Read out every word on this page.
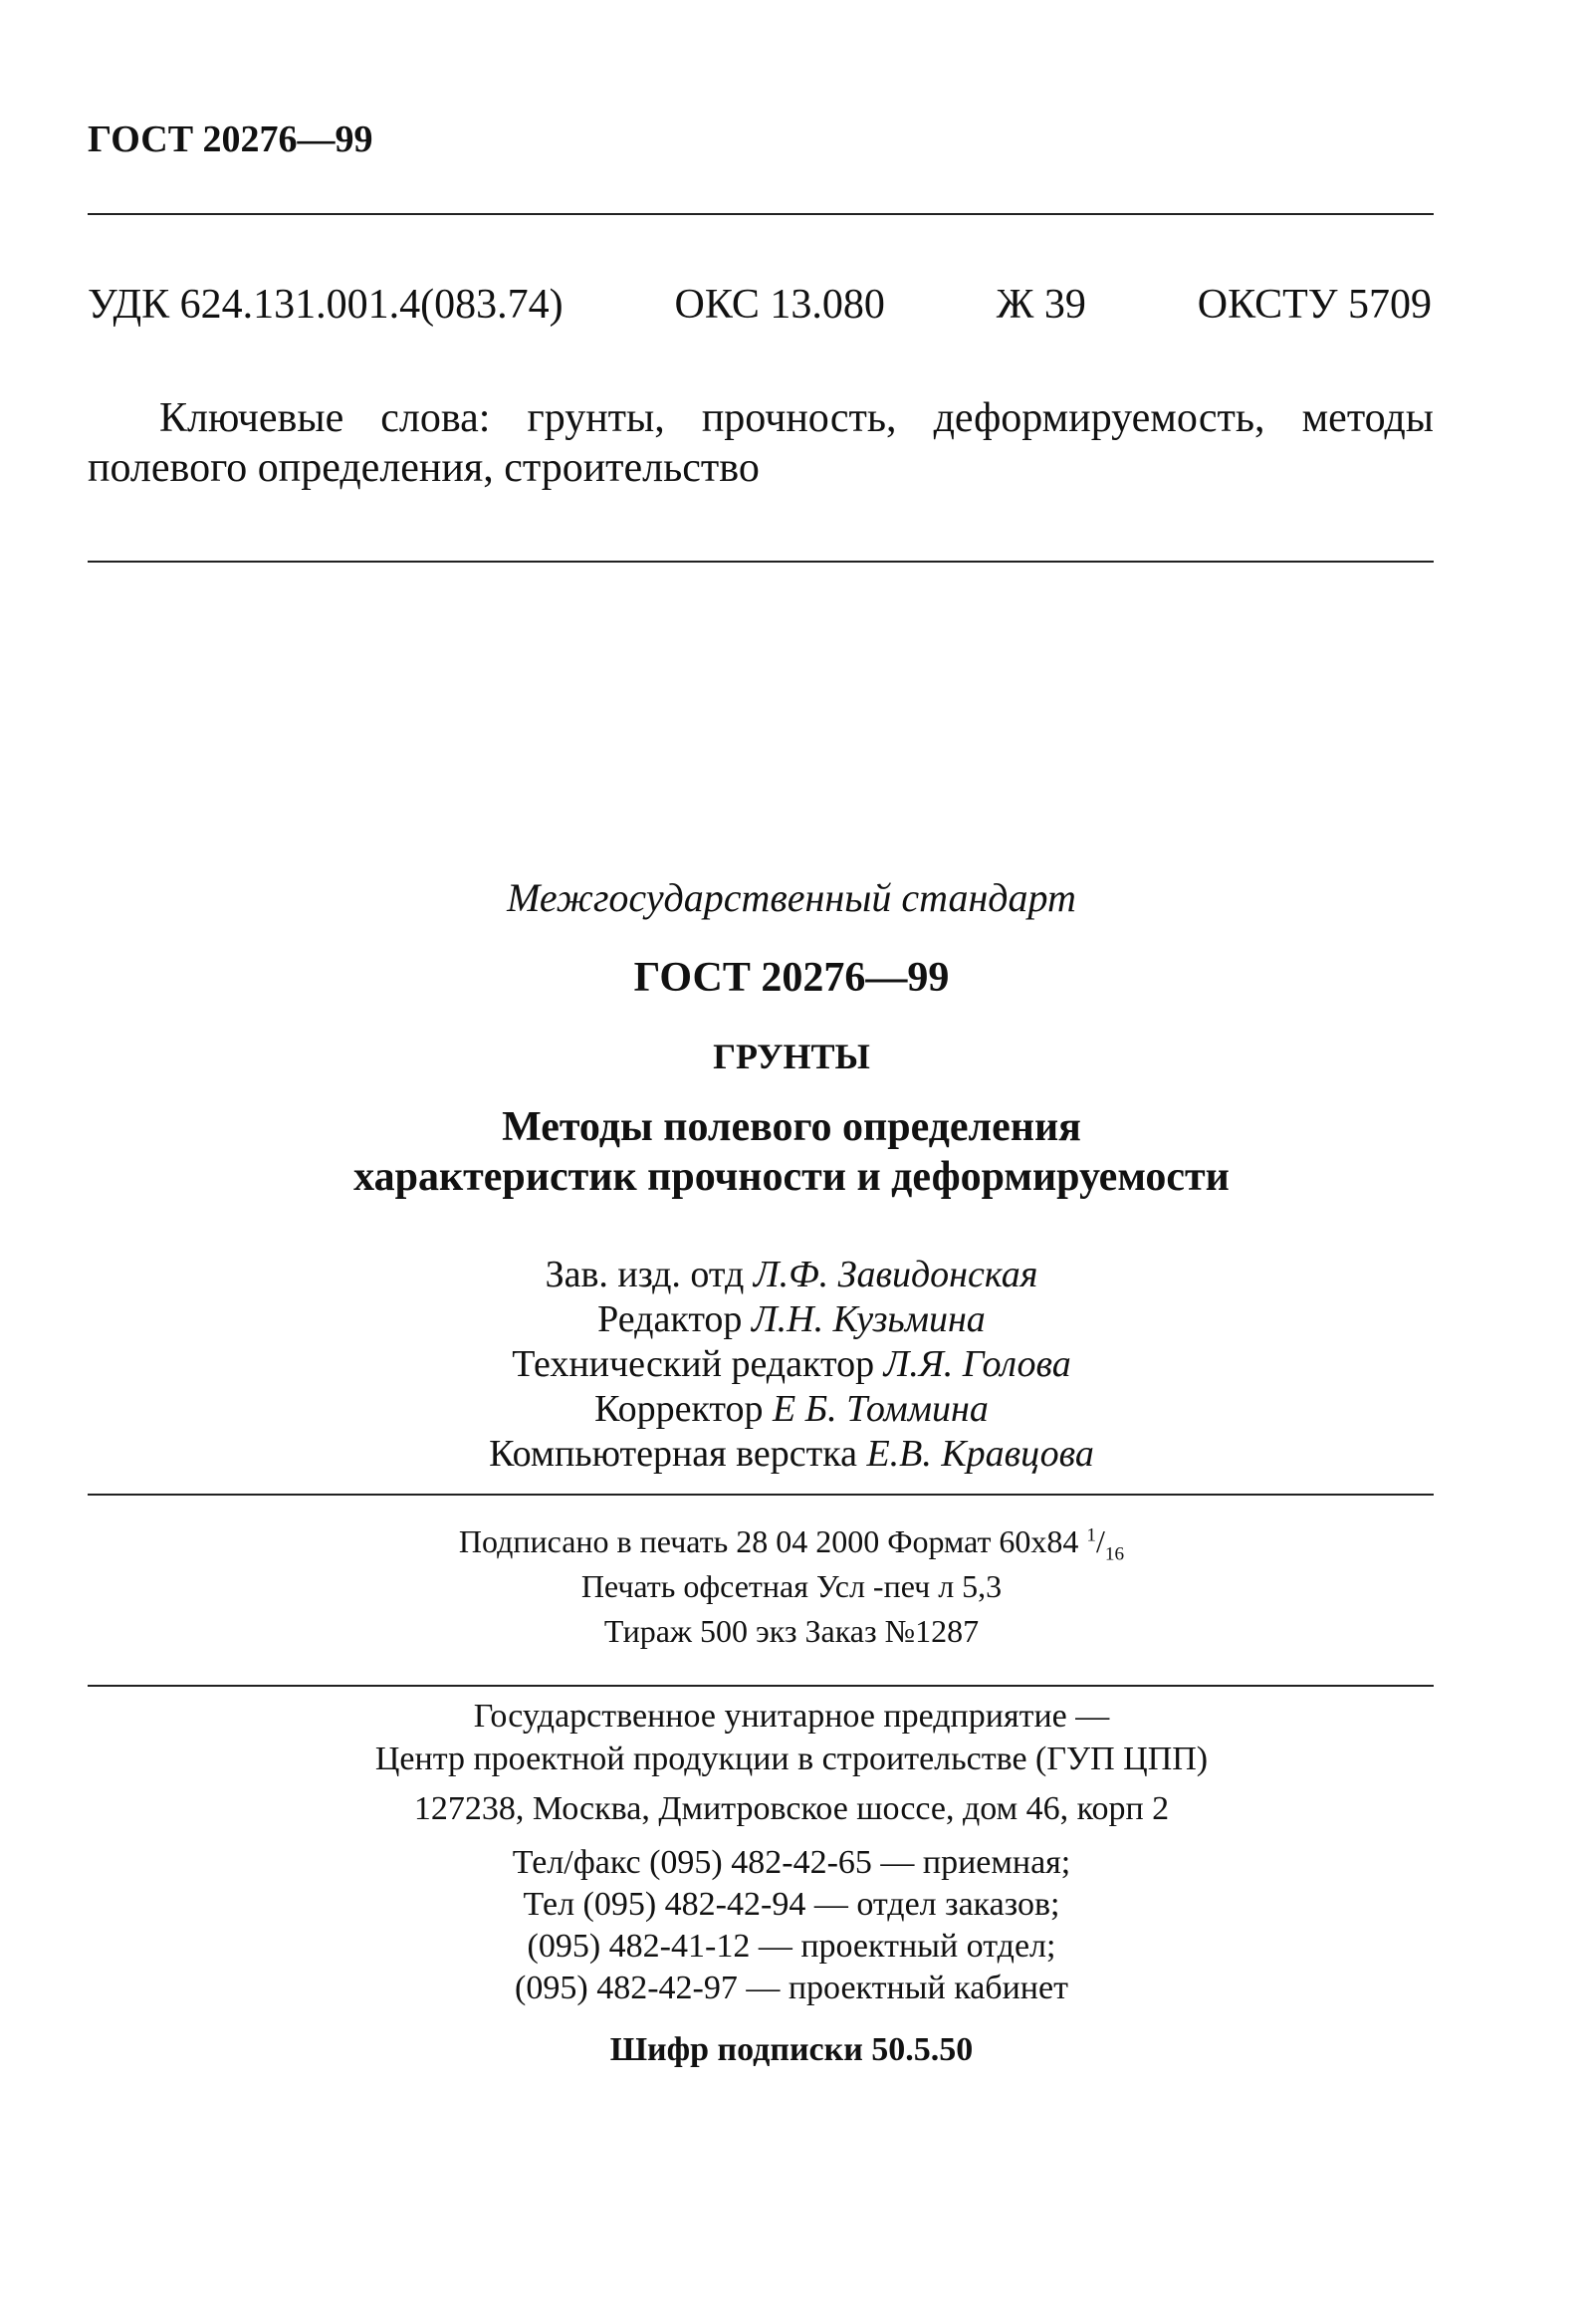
ГОСТ 20276—99
УДК 624.131.001.4(083.74)	ОКС 13.080	Ж 39	ОКСТУ 5709
Ключевые слова: грунты, прочность, деформируемость, методы полевого определения, строительство
Межгосударственный стандарт
ГОСТ 20276—99
ГРУНТЫ
Методы полевого определения
характеристик прочности и деформируемости
Зав. изд. отд Л.Ф. Завидонская
Редактор Л.Н. Кузьмина
Технический редактор Л.Я. Голова
Корректор Е Б. Томмина
Компьютерная верстка Е.В. Кравцова
Подписано в печать 28 04 2000 Формат 60x84 $^1/_{16}$
Печать офсетная Усл -печ л 5,3
Тираж 500 экз Заказ №1287
Государственное унитарное предприятие —
Центр проектной продукции в строительстве (ГУП ЦПП)
127238, Москва, Дмитровское шоссе, дом 46, корп 2
Тел/факс (095) 482-42-65 — приемная;
Тел (095) 482-42-94 — отдел заказов;
(095) 482-41-12 — проектный отдел;
(095) 482-42-97 — проектный кабинет
Шифр подписки 50.5.50
